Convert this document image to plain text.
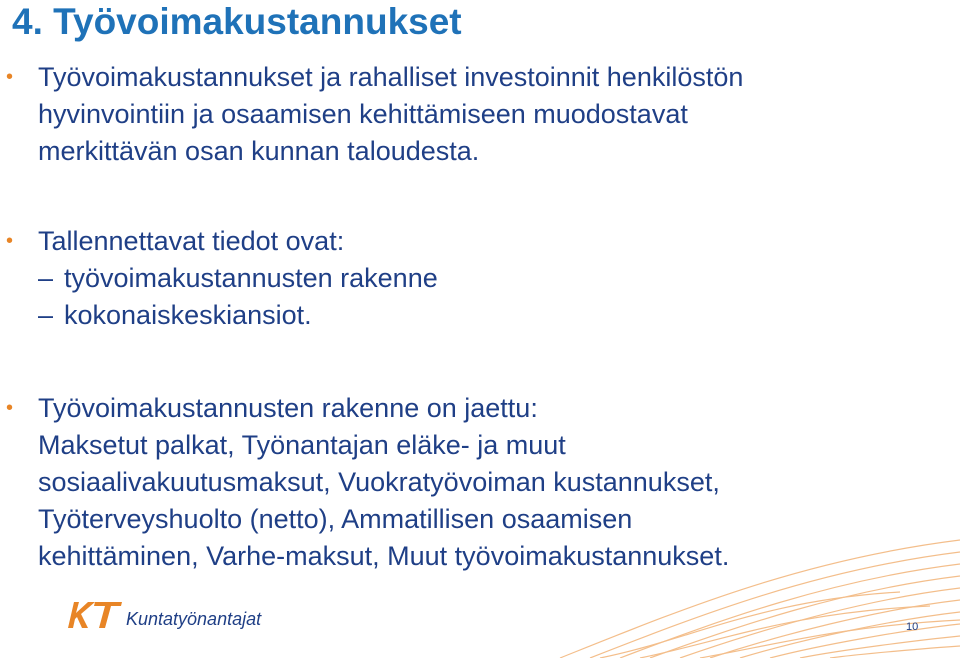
4. Työvoimakustannukset
• Työvoimakustannukset ja rahalliset investoinnit henkilöstön
hyvinvointiin ja osaamisen kehittämiseen muodostavat
merkittävän osan kunnan taloudesta.
• Tallennettavat tiedot ovat:
– työvoimakustannusten rakenne
– kokonaiskeskiansiot.
• Työvoimakustannusten rakenne on jaettu:
Maksetut palkat, Työnantajan eläke- ja muut
sosiaalivakuutusmaksut, Vuokratyövoiman kustannukset,
Työterveyshuolto (netto), Ammatillisen osaamisen
kehittäminen, Varhe-maksut, Muut työvoimakustannukset.
Kuntatyönantajat	10
